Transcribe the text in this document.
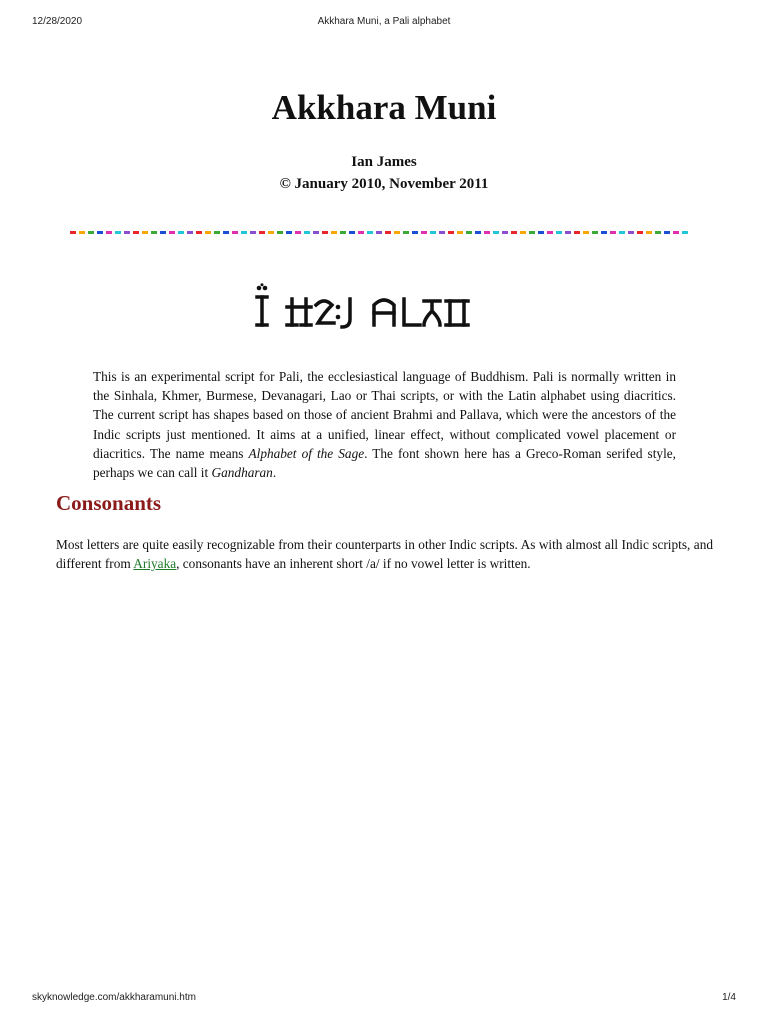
12/28/2020	Akkhara Muni, a Pali alphabet
Akkhara Muni
Ian James
© January 2010, November 2011

This is an experimental script for Pali, the ecclesiastical language of Buddhism. Pali is normally written in the Sinhala, Khmer, Burmese, Devanagari, Lao or Thai scripts, or with the Latin alphabet using diacritics. The current script has shapes based on those of ancient Brahmi and Pallava, which were the ancestors of the Indic scripts just mentioned. It aims at a unified, linear effect, without complicated vowel placement or diacritics. The name means Alphabet of the Sage. The font shown here has a Greco-Roman serifed style, perhaps we can call it Gandharan.

Consonants

Most letters are quite easily recognizable from their counterparts in other Indic scripts. As with almost all Indic scripts, and different from Ariyaka, consonants have an inherent short /a/ if no vowel letter is written.

skyknowledge.com/akkharamuni.htm	1/4
